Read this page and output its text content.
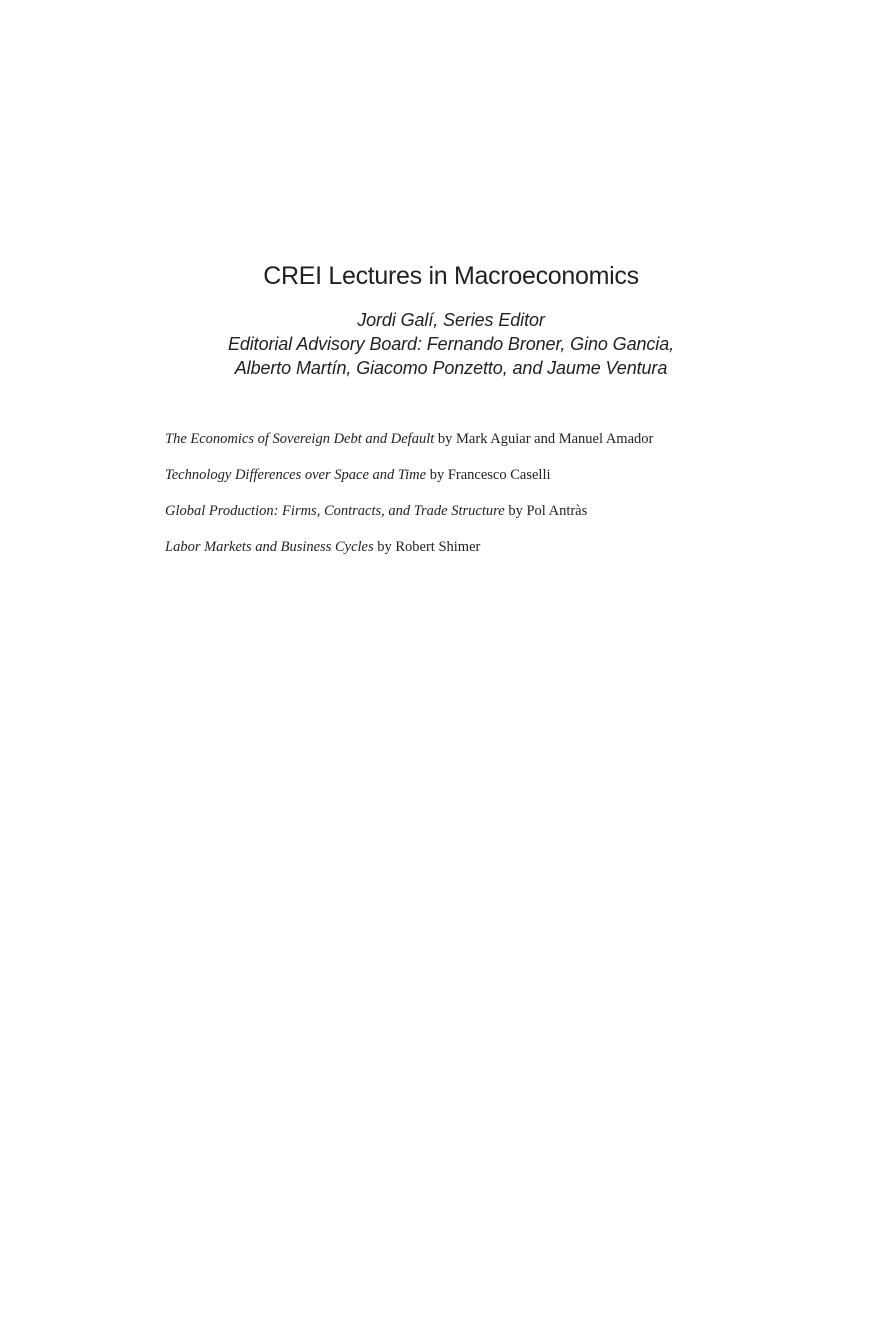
CREI Lectures in Macroeconomics
Jordi Galí, Series Editor
Editorial Advisory Board: Fernando Broner, Gino Gancia,
Alberto Martín, Giacomo Ponzetto, and Jaume Ventura
The Economics of Sovereign Debt and Default by Mark Aguiar and Manuel Amador
Technology Differences over Space and Time by Francesco Caselli
Global Production: Firms, Contracts, and Trade Structure by Pol Antràs
Labor Markets and Business Cycles by Robert Shimer
